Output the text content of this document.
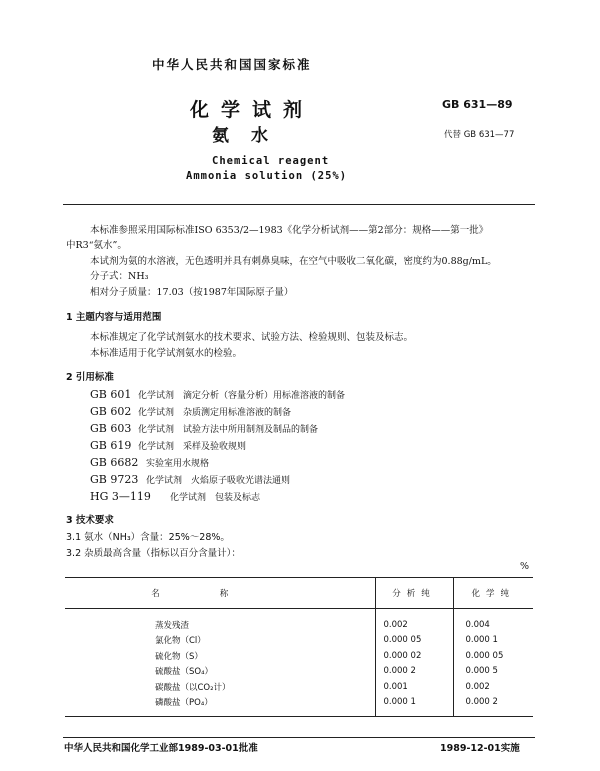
中华人民共和国国家标准
化学试剂
氨水
Chemical reagent
Ammonia solution (25%)
GB 631—89
代替 GB 631—77
本标准参照采用国际标准ISO 6353/2—1983《化学分析试剂——第2部分：规格——第一批》
中R3“氨水”。
本试剂为氨的水溶液，无色透明并具有刺鼻臭味，在空气中吸收二氧化碳，密度约为0.88g/mL。
分子式：NH₃
相对分子质量：17.03（按1987年国际原子量）
1 主题内容与适用范围
本标准规定了化学试剂氨水的技术要求、试验方法、检验规则、包装及标志。
本标准适用于化学试剂氨水的检验。
2 引用标准
GB 601 化学试剂　滴定分析（容量分析）用标准溶液的制备
GB 602 化学试剂　杂质测定用标准溶液的制备
GB 603 化学试剂　试验方法中所用制剂及制品的制备
GB 619 化学试剂　采样及验收规则
GB 6682 实验室用水规格
GB 9723 化学试剂　火焰原子吸收光谱法通则
HG 3—119 化学试剂　包装及标志
3 技术要求
3.1 氨水（NH₃）含量：25%～28%。
3.2 杂质最高含量（指标以百分含量计）：
%
名称	分析纯	化学纯
蒸发残渣	0.002	0.004
氯化物（Cl）	0.000 05	0.000 1
硫化物（S）	0.000 02	0.000 05
硫酸盐（SO₄）	0.000 2	0.000 5
碳酸盐（以CO₂计）	0.001	0.002
磷酸盐（PO₄）	0.000 1	0.000 2
中华人民共和国化学工业部1989-03-01批准	1989-12-01实施
